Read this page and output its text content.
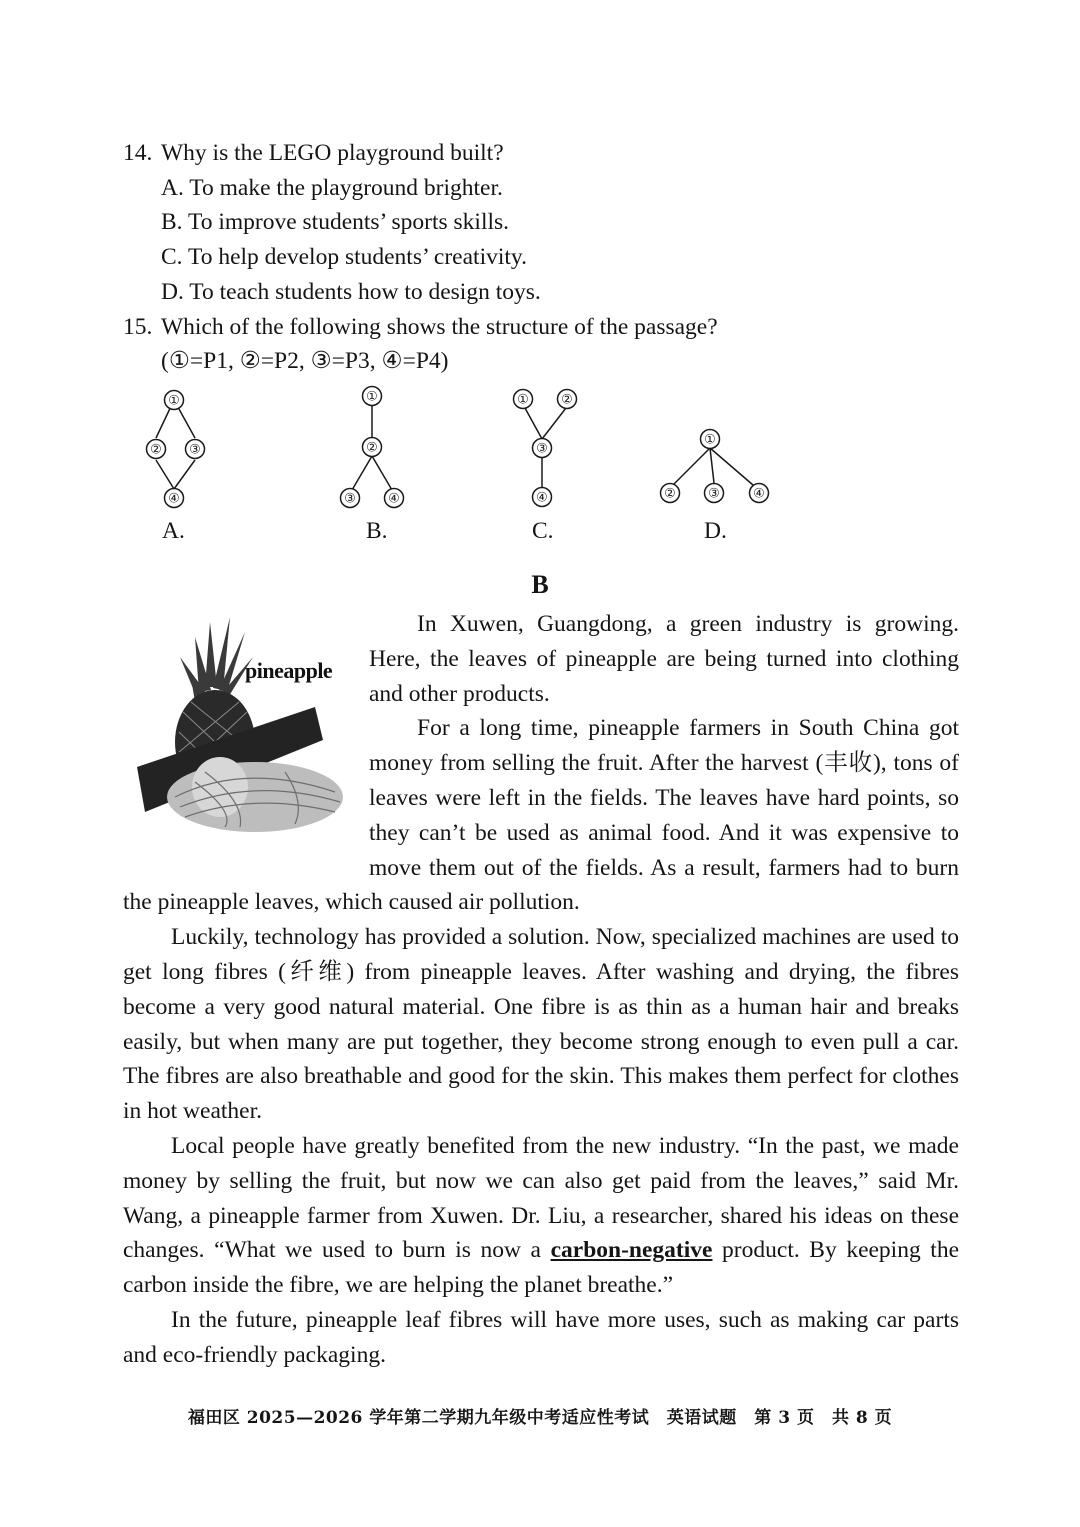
14. Why is the LEGO playground built?

A. To make the playground brighter.

B. To improve students’ sports skills.

C. To help develop students’ creativity.

D. To teach students how to design toys.

15. Which of the following shows the structure of the passage?

(①=P1, ②=P2, ③=P3, ④=P4)

①
② ③
④
A.
①
②
③ ④
B.
① ②
③
④
C.
①
② ③	④
D.
B
pineapple

In Xuwen, Guangdong, a green industry is growing. Here, the leaves of pineapple are being turned into clothing and other products.

For a long time, pineapple farmers in South China got money from selling the fruit. After the harvest (丰收), tons of leaves were left in the fields. The leaves have hard points, so they can’t be used as animal food. And it was expensive to move them out of the fields. As a result, farmers had to burn the pineapple leaves, which caused air pollution.

Luckily, technology has provided a solution. Now, specialized machines are used to get long fibres (纤维) from pineapple leaves. After washing and drying, the fibres become a very good natural material. One fibre is as thin as a human hair and breaks easily, but when many are put together, they become strong enough to even pull a car. The fibres are also breathable and good for the skin. This makes them perfect for clothes in hot weather.

Local people have greatly benefited from the new industry. “In the past, we made money by selling the fruit, but now we can also get paid from the leaves,” said Mr. Wang, a pineapple farmer from Xuwen. Dr. Liu, a researcher, shared his ideas on these changes. “What we used to burn is now a carbon-negative product. By keeping the carbon inside the fibre, we are helping the planet breathe.”

In the future, pineapple leaf fibres will have more uses, such as making car parts and eco-friendly packaging.

福田区 2025—2026 学年第二学期九年级中考适应性考试　英语试题　第 3 页　共 8 页
